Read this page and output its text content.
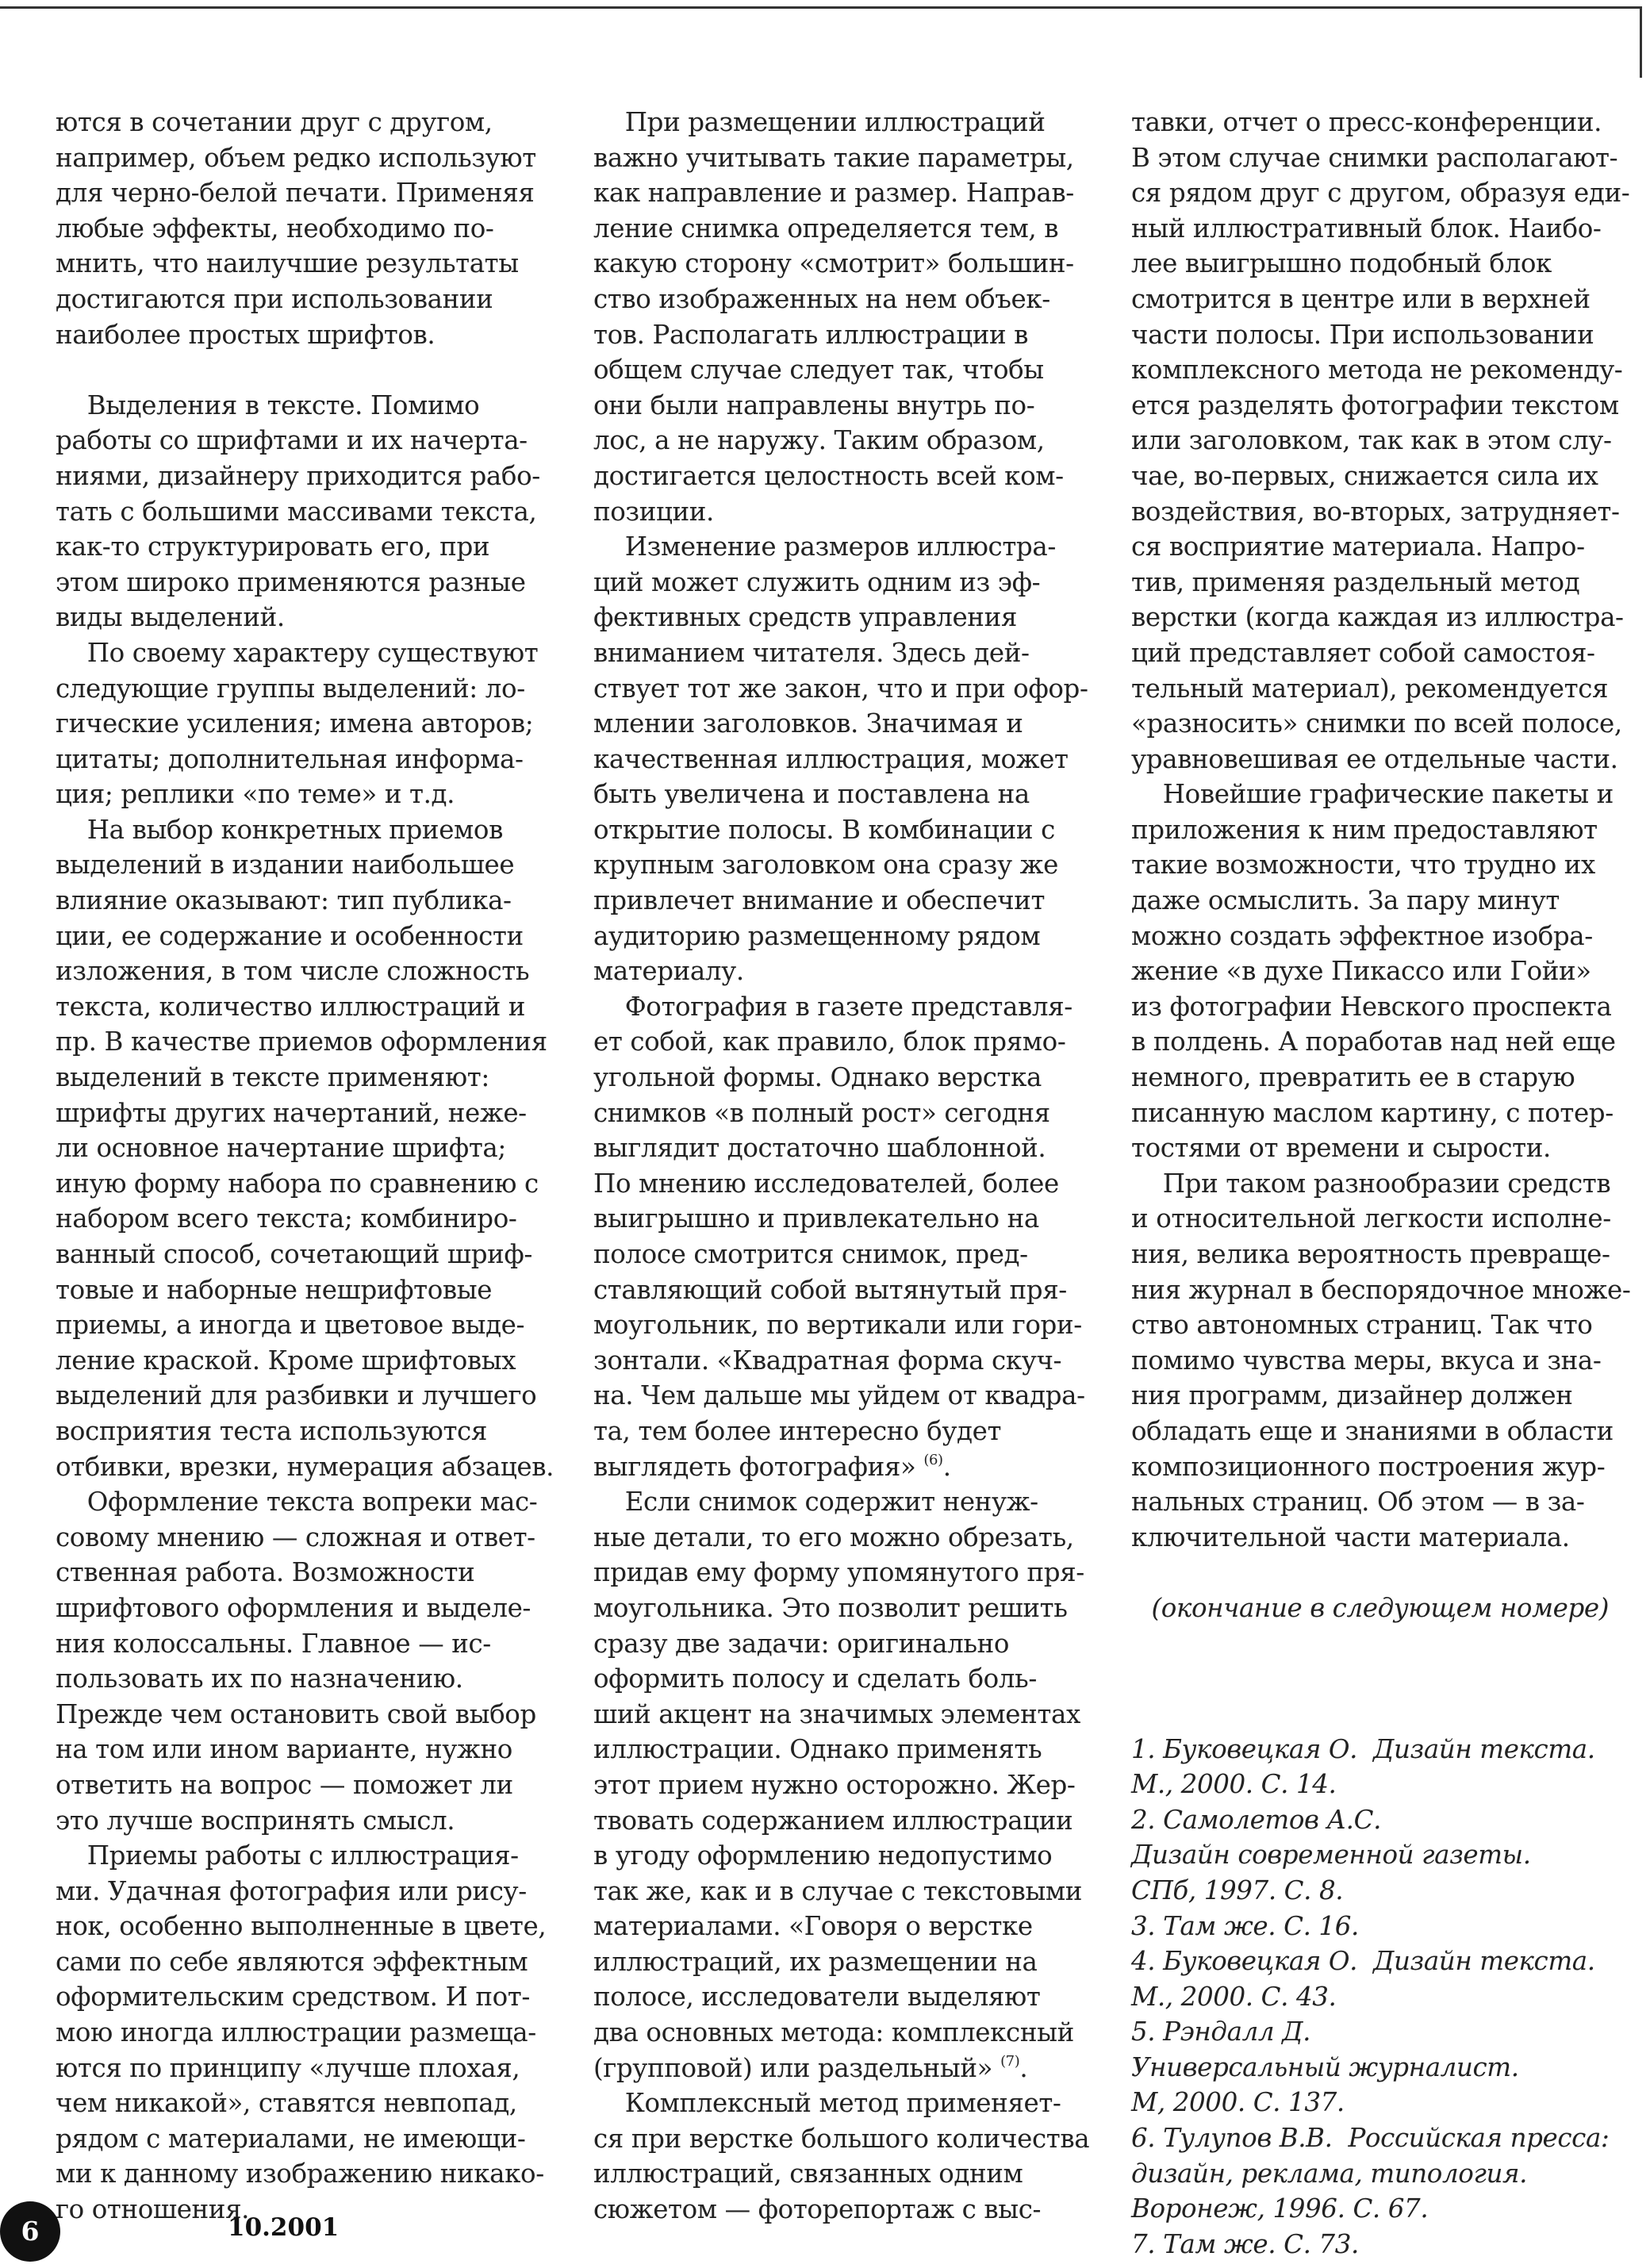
ются в сочетании друг с другом,

например, объем редко используют

для черно-белой печати. Применяя

любые эффекты, необходимо по-

мнить, что наилучшие результаты

достигаются при использовании

наиболее простых шрифтов.

Выделения в тексте. Помимо

работы со шрифтами и их начерта-

ниями, дизайнеру приходится рабо-

тать с большими массивами текста,

как-то структурировать его, при

этом широко применяются разные

виды выделений.

По своему характеру существуют

следующие группы выделений: ло-

гические усиления; имена авторов;

цитаты; дополнительная информа-

ция; реплики «по теме» и т.д.

На выбор конкретных приемов

выделений в издании наибольшее

влияние оказывают: тип публика-

ции, ее содержание и особенности

изложения, в том числе сложность

текста, количество иллюстраций и

пр. В качестве приемов оформления

выделений в тексте применяют:

шрифты других начертаний, неже-

ли основное начертание шрифта;

иную форму набора по сравнению с

набором всего текста; комбиниро-

ванный способ, сочетающий шриф-

товые и наборные нешрифтовые

приемы, а иногда и цветовое выде-

ление краской. Кроме шрифтовых

выделений для разбивки и лучшего

восприятия теста используются

отбивки, врезки, нумерация абзацев.

Оформление текста вопреки мас-

совому мнению — сложная и ответ-

ственная работа. Возможности

шрифтового оформления и выделе-

ния колоссальны. Главное — ис-

пользовать их по назначению.

Прежде чем остановить свой выбор

на том или ином варианте, нужно

ответить на вопрос — поможет ли

это лучше воспринять смысл.

Приемы работы с иллюстрация-

ми. Удачная фотография или рису-

нок, особенно выполненные в цвете,

сами по себе являются эффектным

оформительским средством. И пот-

мою иногда иллюстрации размеща-

ются по принципу «лучше плохая,

чем никакой», ставятся невпопад,

рядом с материалами, не имеющи-

ми к данному изображению никако-

го отношения.

При размещении иллюстраций

важно учитывать такие параметры,

как направление и размер. Направ-

ление снимка определяется тем, в

какую сторону «смотрит» большин-

ство изображенных на нем объек-

тов. Располагать иллюстрации в

общем случае следует так, чтобы

они были направлены внутрь по-

лос, а не наружу. Таким образом,

достигается целостность всей ком-

позиции.

Изменение размеров иллюстра-

ций может служить одним из эф-

фективных средств управления

вниманием читателя. Здесь дей-

ствует тот же закон, что и при офор-

млении заголовков. Значимая и

качественная иллюстрация, может

быть увеличена и поставлена на

открытие полосы. В комбинации с

крупным заголовком она сразу же

привлечет внимание и обеспечит

аудиторию размещенному рядом

материалу.

Фотография в газете представля-

ет собой, как правило, блок прямо-

угольной формы. Однако верстка

снимков «в полный рост» сегодня

выглядит достаточно шаблонной.

По мнению исследователей, более

выигрышно и привлекательно на

полосе смотрится снимок, пред-

ставляющий собой вытянутый пря-

моугольник, по вертикали или гори-

зонтали. «Квадратная форма скуч-

на. Чем дальше мы уйдем от квадра-

та, тем более интересно будет

выглядеть фотография» $^{(6)}$.

Если снимок содержит ненуж-

ные детали, то его можно обрезать,

придав ему форму упомянутого пря-

моугольника. Это позволит решить

сразу две задачи: оригинально

оформить полосу и сделать боль-

ший акцент на значимых элементах

иллюстрации. Однако применять

этот прием нужно осторожно. Жер-

твовать содержанием иллюстрации

в угоду оформлению недопустимо

так же, как и в случае с текстовыми

материалами. «Говоря о верстке

иллюстраций, их размещении на

полосе, исследователи выделяют

два основных метода: комплексный

(групповой) или раздельный» $^{(7)}$.

Комплексный метод применяет-

ся при верстке большого количества

иллюстраций, связанных одним

сюжетом — фоторепортаж с выс-

тавки, отчет о пресс-конференции.

В этом случае снимки располагают-

ся рядом друг с другом, образуя еди-

ный иллюстративный блок. Наибо-

лее выигрышно подобный блок

смотрится в центре или в верхней

части полосы. При использовании

комплексного метода не рекоменду-

ется разделять фотографии текстом

или заголовком, так как в этом слу-

чае, во-первых, снижается сила их

воздействия, во-вторых, затрудняет-

ся восприятие материала. Напро-

тив, применяя раздельный метод

верстки (когда каждая из иллюстра-

ций представляет собой самостоя-

тельный материал), рекомендуется

«разносить» снимки по всей полосе,

уравновешивая ее отдельные части.

Новейшие графические пакеты и

приложения к ним предоставляют

такие возможности, что трудно их

даже осмыслить. За пару минут

можно создать эффектное изобра-

жение «в духе Пикассо или Гойи»

из фотографии Невского проспекта

в полдень. А поработав над ней еще

немного, превратить ее в старую

писанную маслом картину, с потер-

тостями от времени и сырости.

При таком разнообразии средств

и относительной легкости исполне-

ния, велика вероятность превраще-

ния журнал в беспорядочное множе-

ство автономных страниц. Так что

помимо чувства меры, вкуса и зна-

ния программ, дизайнер должен

обладать еще и знаниями в области

композиционного построения жур-

нальных страниц. Об этом — в за-

ключительной части материала.

(окончание в следующем номере)

1. Буковецкая О.  Дизайн текста.

М., 2000. С. 14.

2. Самолетов А.С.

Дизайн современной газеты.

СПб, 1997. С. 8.

3. Там же. С. 16.

4. Буковецкая О.  Дизайн текста.

М., 2000. С. 43.

5. Рэндалл Д.

Универсальный журналист.

М, 2000. С. 137.

6. Тулупов В.В.  Российская пресса:

дизайн, реклама, типология.

Воронеж, 1996. С. 67.

7. Там же. С. 73.

6	10.2001
